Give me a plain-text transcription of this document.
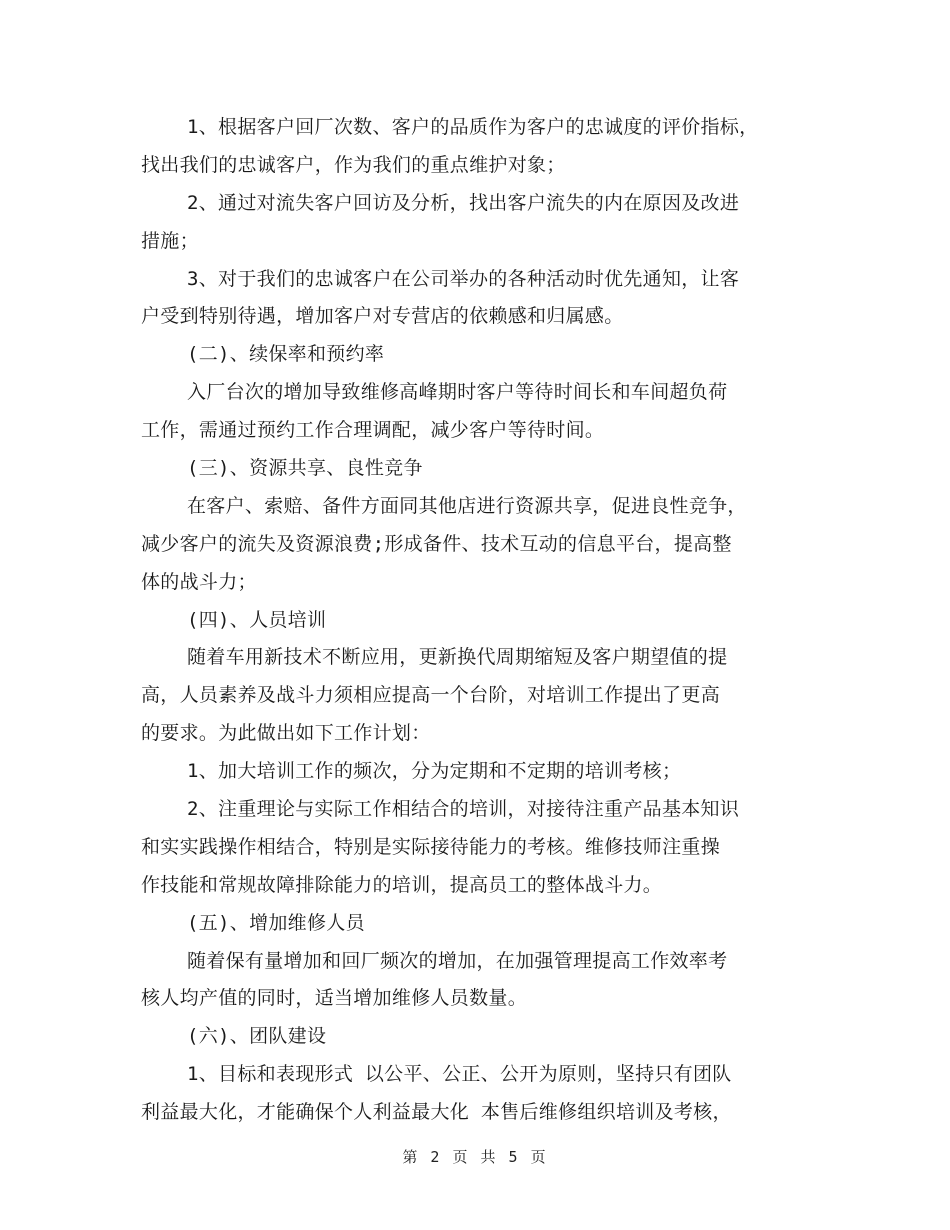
1、根据客户回厂次数、客户的品质作为客户的忠诚度的评价指标，
找出我们的忠诚客户，作为我们的重点维护对象；
2、通过对流失客户回访及分析，找出客户流失的内在原因及改进
措施；
3、对于我们的忠诚客户在公司举办的各种活动时优先通知，让客
户受到特别待遇，增加客户对专营店的依赖感和归属感。
(二)、续保率和预约率
入厂台次的增加导致维修高峰期时客户等待时间长和车间超负荷
工作，需通过预约工作合理调配，减少客户等待时间。
(三)、资源共享、良性竞争
在客户、索赔、备件方面同其他店进行资源共享，促进良性竞争，
减少客户的流失及资源浪费;形成备件、技术互动的信息平台，提高整
体的战斗力；
(四)、人员培训
随着车用新技术不断应用，更新换代周期缩短及客户期望值的提
高，人员素养及战斗力须相应提高一个台阶，对培训工作提出了更高
的要求。为此做出如下工作计划：
1、加大培训工作的频次，分为定期和不定期的培训考核；
2、注重理论与实际工作相结合的培训，对接待注重产品基本知识
和实实践操作相结合，特别是实际接待能力的考核。维修技师注重操
作技能和常规故障排除能力的培训，提高员工的整体战斗力。
(五)、增加维修人员
随着保有量增加和回厂频次的增加，在加强管理提高工作效率考
核人均产值的同时，适当增加维修人员数量。
(六)、团队建设
1、目标和表现形式 以公平、公正、公开为原则，坚持只有团队
利益最大化，才能确保个人利益最大化 本售后维修组织培训及考核，
第 2 页 共 5 页
